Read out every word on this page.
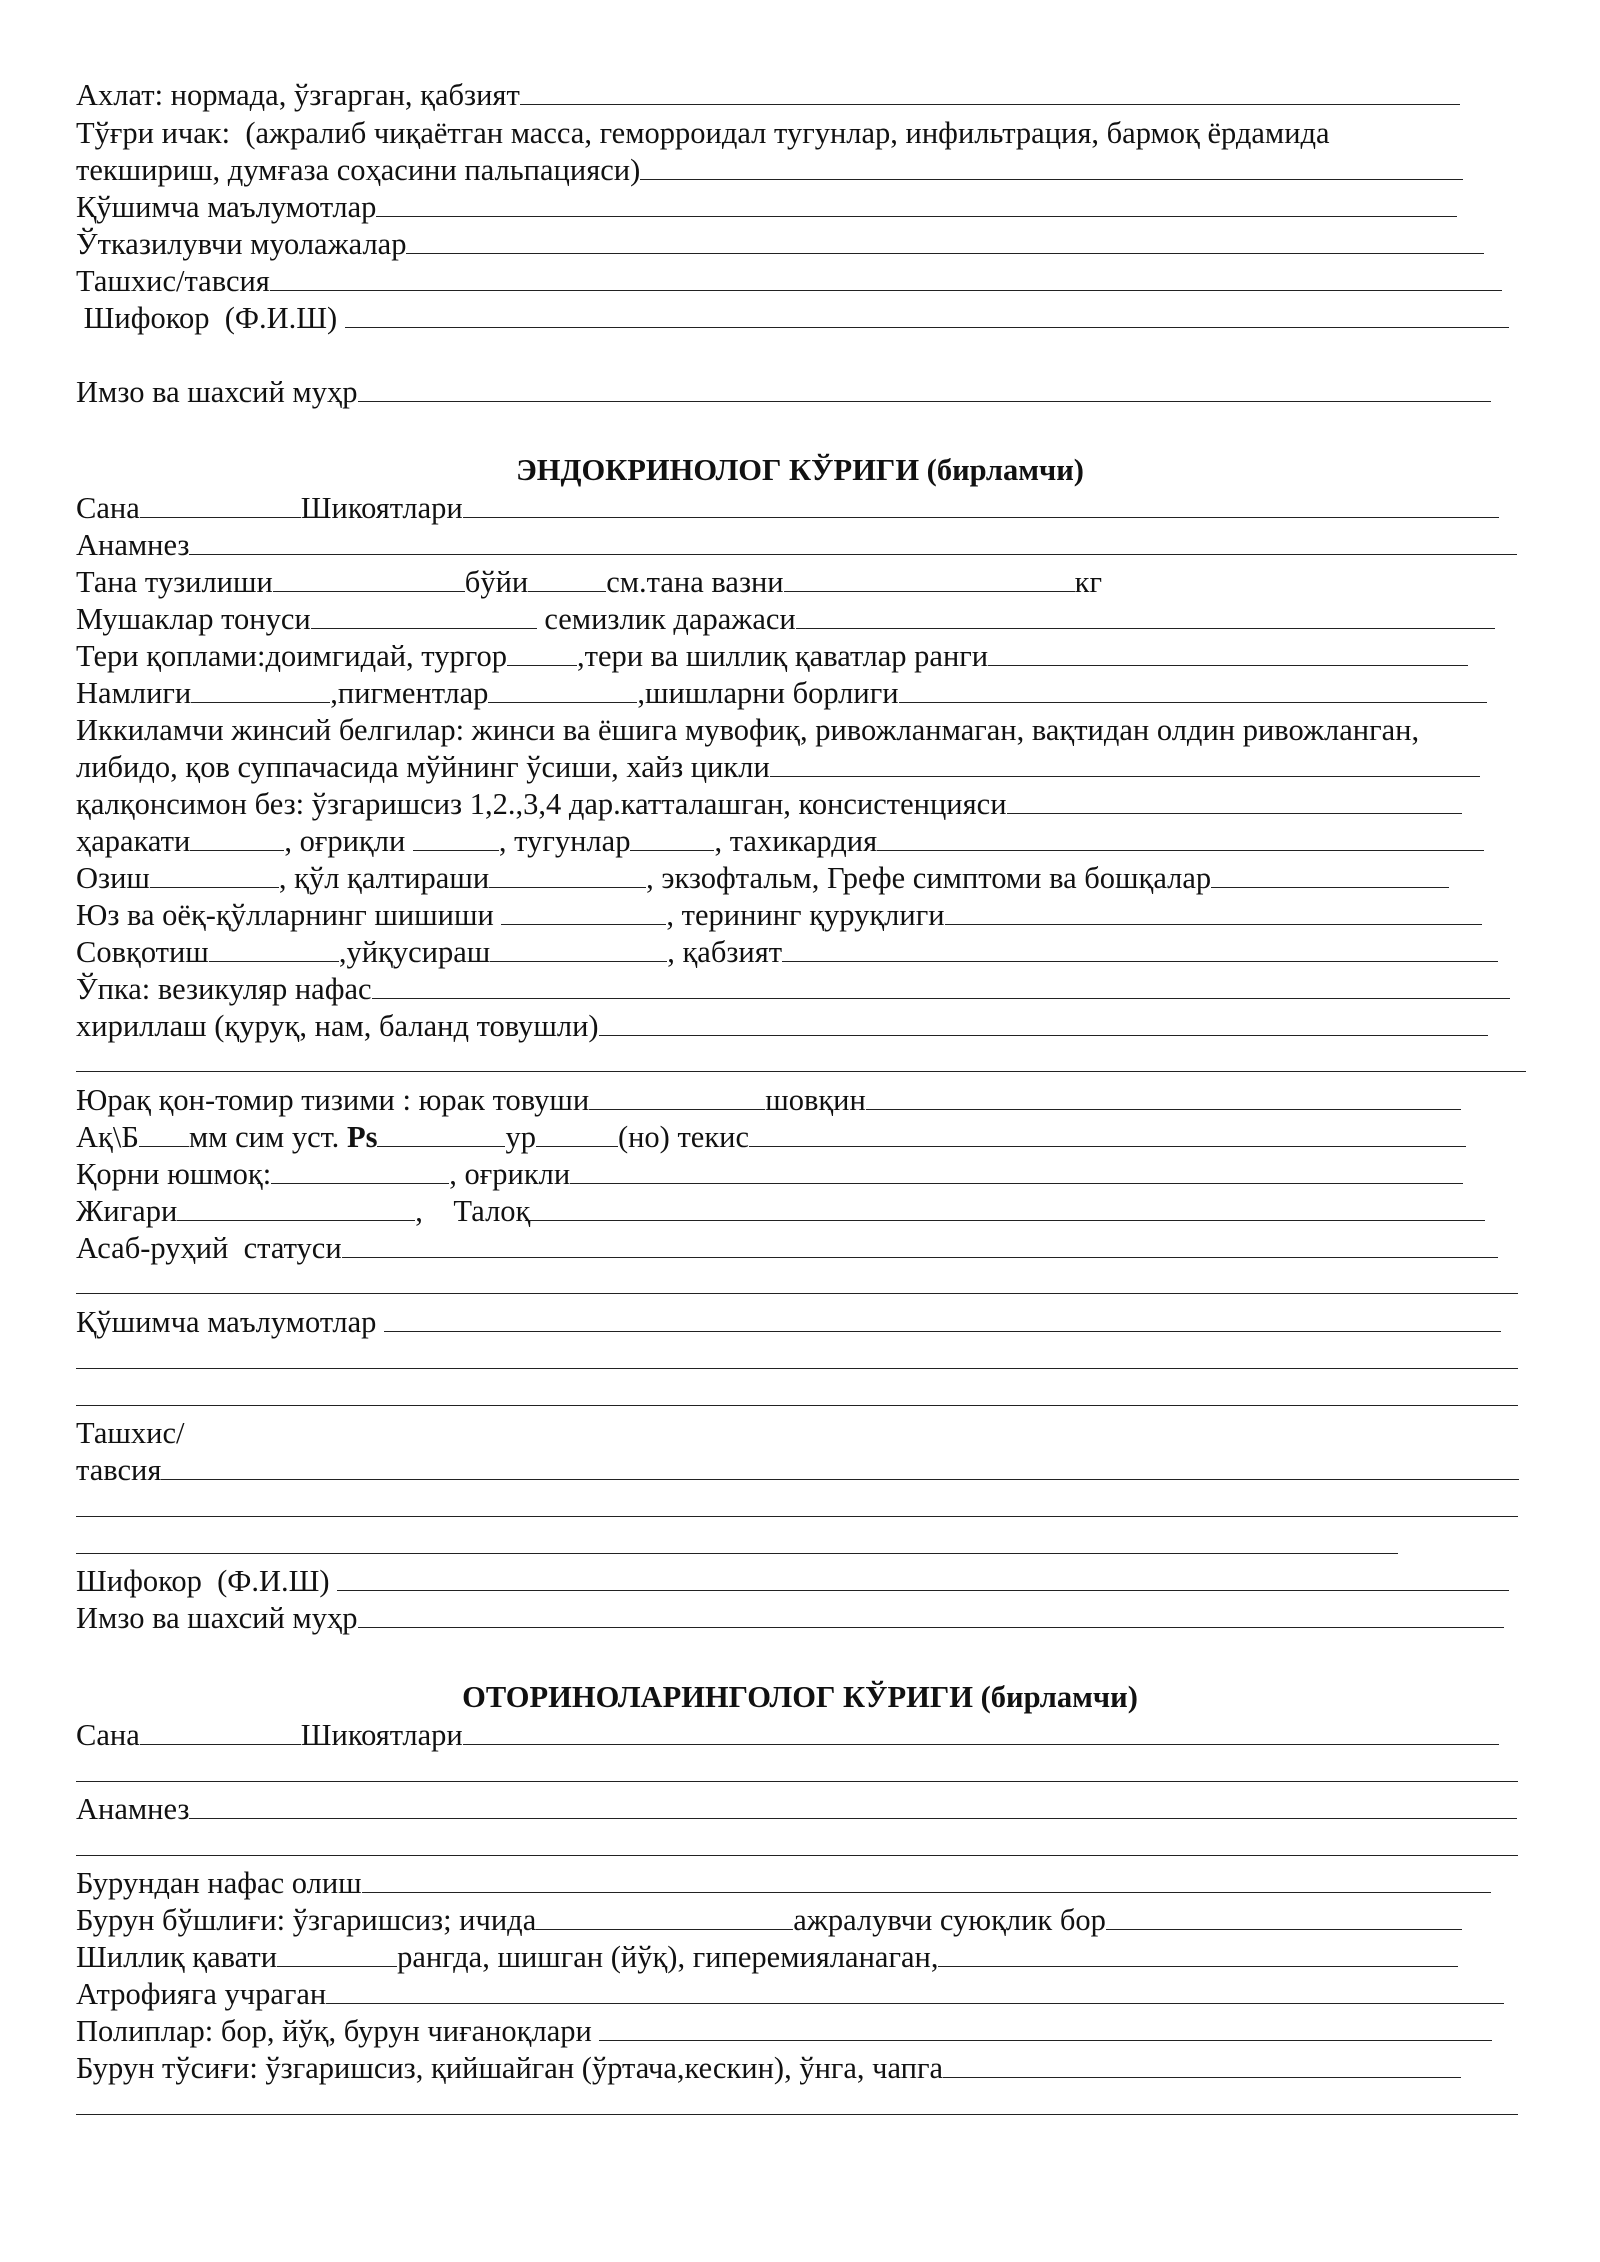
Ахлат: нормада, ўзгарган, қабзият
Тўғри ичак:  (ажралиб чиқаётган масса, геморроидал тугунлар, инфильтрация, бармоқ ёрдамида
текшириш, думғаза соҳасини пальпацияси)
Қўшимча маълумотлар
Ўтказилувчи муолажалар
Ташхис/тавсия
Шифокор  (Ф.И.Ш)
Имзо ва шахсий муҳр
ЭНДОКРИНОЛОГ КЎРИГИ (бирламчи)
Сана	Шикоятлари
Анамнез
Тана тузилиши	бўйи	см.тана вазни	кг
Мушаклар тонуси	семизлик даражаси
Тери қоплами:доимгидай, тургор ,тери ва шиллиқ қаватлар ранги
Намлиги	,пигментлар	,шишларни борлиги
Иккиламчи жинсий белгилар: жинси ва ёшига мувофиқ, ривожланмаган, вақтидан олдин ривожланган,
либидо, қов суппачасида мўйнинг ўсиши, хайз цикли
қалқонсимон без: ўзгаришсиз 1,2.,3,4 дар.катталашган, консистенцияси
ҳаракати	, оғриқли	, тугунлар	, тахикардия
Озиш	, қўл қалтираши	, экзофтальм, Грефе симптоми ва бошқалар
Юз ва оёқ-қўлларнинг шишиши	, терининг қуруқлиги
Совқотиш	,уйқусираш	, қабзият
Ўпка: везикуляр нафас
хириллаш (қуруқ, нам, баланд товушли)
Юрақ қон-томир тизими : юрак товуши	шовқин
Ақ\Б мм сим уст. Ps	ур	(но) текис
Қорни юшмоқ:	, оғрикли
Жигари	,    Талоқ
Асаб-руҳий  статуси
Қўшимча маълумотлар
Ташхис/
тавсия
Шифокор  (Ф.И.Ш)
Имзо ва шахсий муҳр
ОТОРИНОЛАРИНГОЛОГ КЎРИГИ (бирламчи)
Сана	Шикоятлари
Анамнез
Бурундан нафас олиш
Бурун бўшлиғи: ўзгаришсиз; ичида	ажралувчи суюқлик бор
Шиллиқ қавати	рангда, шишган (йўқ), гиперемияланаган,
Атрофияга учраган
Полиплар: бор, йўқ, бурун чиғаноқлари
Бурун тўсиғи: ўзгаришсиз, қийшайган (ўртача,кескин), ўнга, чапга
